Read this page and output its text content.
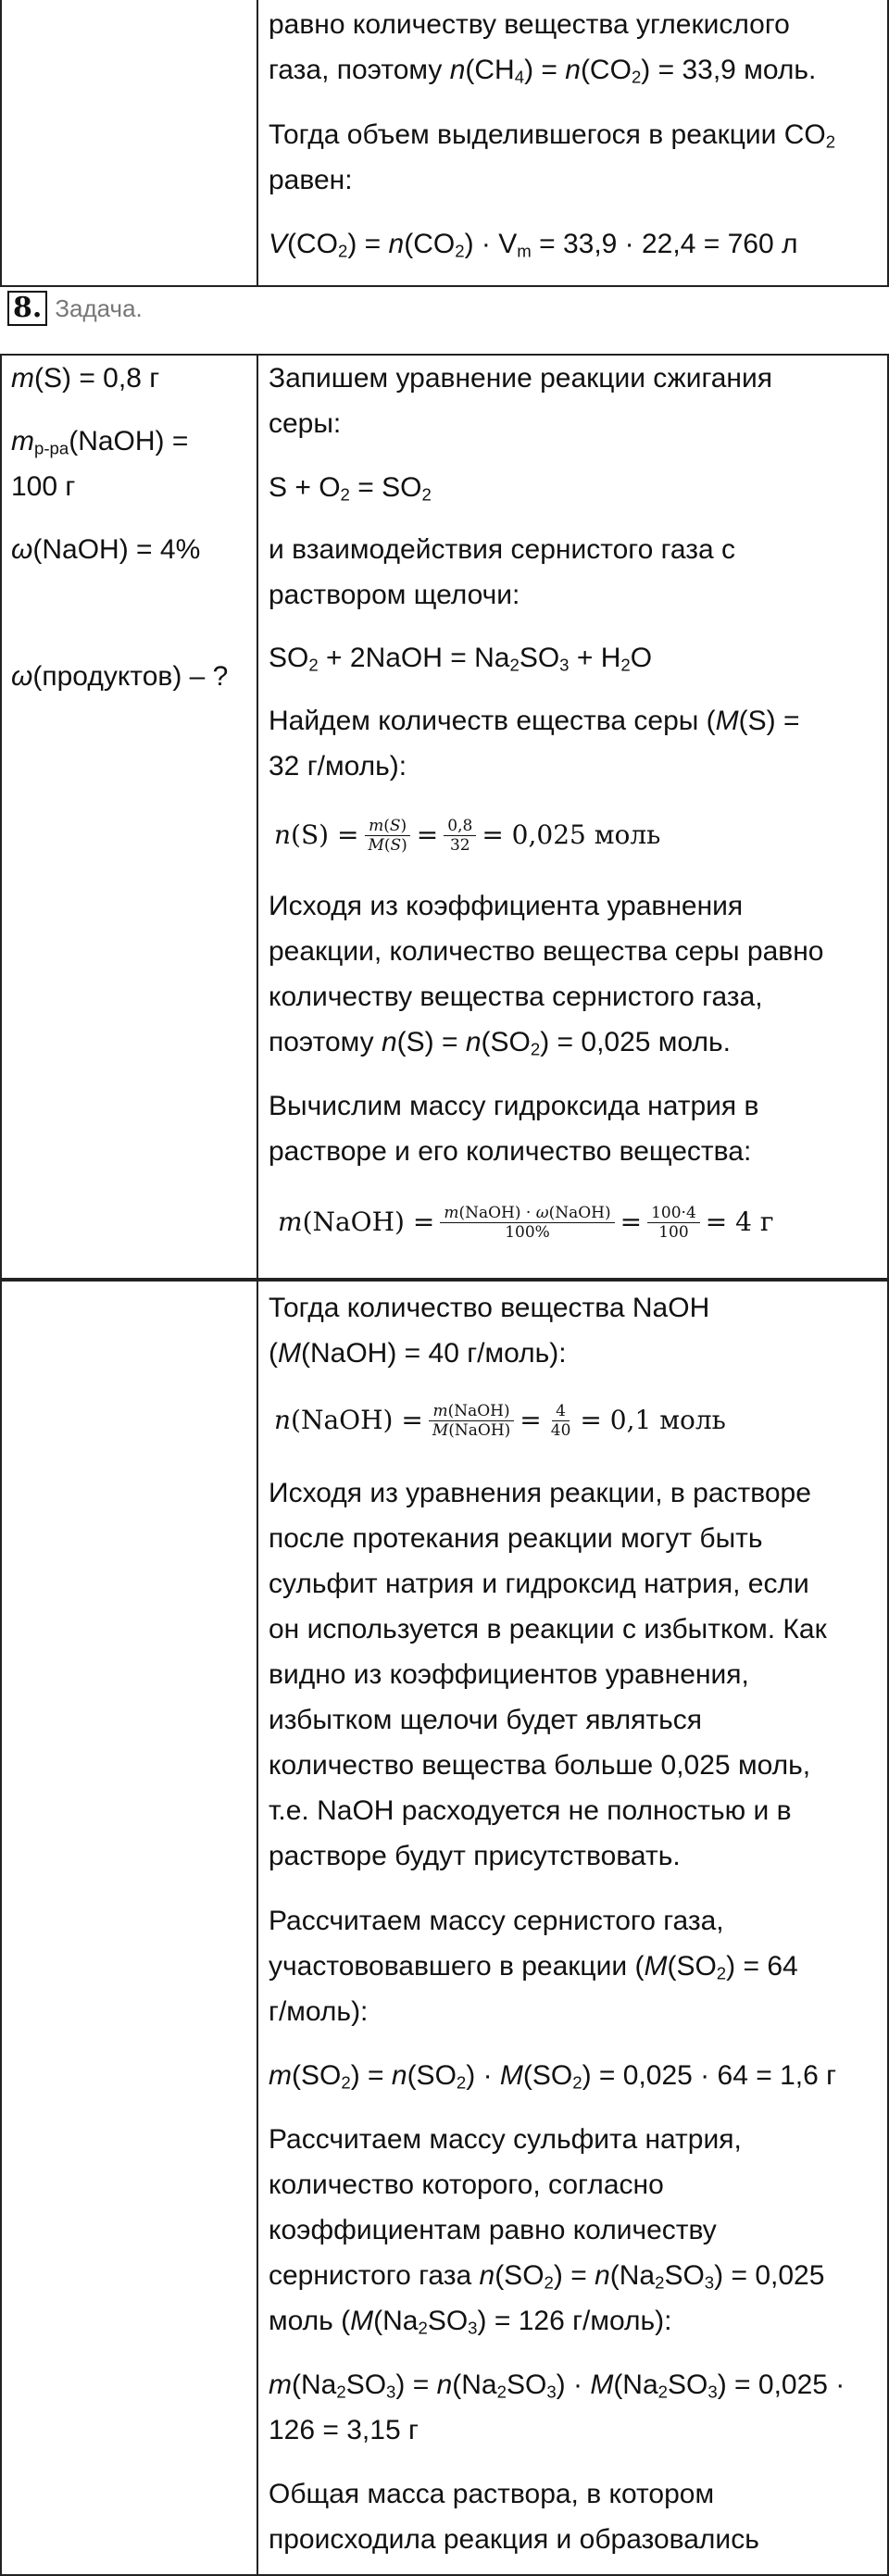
равно количеству вещества углекислого

газа, поэтому $n(CH_4) = n(CO_2) = 33,9$ моль.

Тогда объем выделившегося в реакции $CO_2$

равен:

$V(CO_2) = n(CO_2) \cdot V_m = 33,9 \cdot 22,4 = 760$ л

8. Задача.

m(S) = 0,8 г

$m_{р-ра}(NaOH)$ =

100 г

ω(NaOH) = 4%

ω(продуктов) – ?

Запишем уравнение реакции сжигания

серы:

$S + O_2 = SO_2$

и взаимодействия сернистого газа с

раствором щелочи:

$SO_2$ + 2NaOH = $Na_2SO_3 + H_2O$

Найдем количеств ещества серы (M(S) =

32 г/моль):

n $(S) = \frac{m(S)}{M(S)} = \frac{0,8}{32} = 0,025$ моль

Исходя из коэффициента уравнения

реакции, количество вещества серы равно

количеству вещества сернистого газа,

поэтому $n(S) = n(SO_2) = 0,025$ моль.

Вычислим массу гидроксида натрия в

растворе и его количество вещества:

m (NaOH) = $\frac{\text{m(NaOH) · ω(NaOH)}}{100\%} = \frac{100\cdot 4}{100} = 4$ г

Тогда количество вещества NaOH

(M(NaOH) = 40 г/моль):

n (NaOH) = $\frac{\text{m(NaOH)}}{\text{M(NaOH)}} = \frac{4}{40} = 0,1$ моль

Исходя из уравнения реакции, в растворе

после протекания реакции могут быть

сульфит натрия и гидроксид натрия, если

он используется в реакции с избытком. Как

видно из коэффициентов уравнения,

избытком щелочи будет являться

количество вещества больше 0,025 моль,

т.е. NaOH расходуется не полностью и в

растворе будут присутствовать.

Рассчитаем массу сернистого газа,

участововавшего в реакции ($M(SO_2) = 64$

г/моль):

$m(SO_2) = n(SO_2) \cdot M(SO_2) = 0,025 \cdot 64 = 1,6$ г

Рассчитаем массу сульфита натрия,

количество которого, согласно

коэффициентам равно количеству

сернистого газа $n(SO_2) = n(Na_2SO_3) = 0,025$

моль ($M(Na_2SO_3) = 126$ г/моль):

$m(Na_2SO_3) = n(Na_2SO_3) \cdot M(Na_2SO_3) = 0,025$ ·

126 = 3,15 г

Общая масса раствора, в котором

происходила реакция и образовались
